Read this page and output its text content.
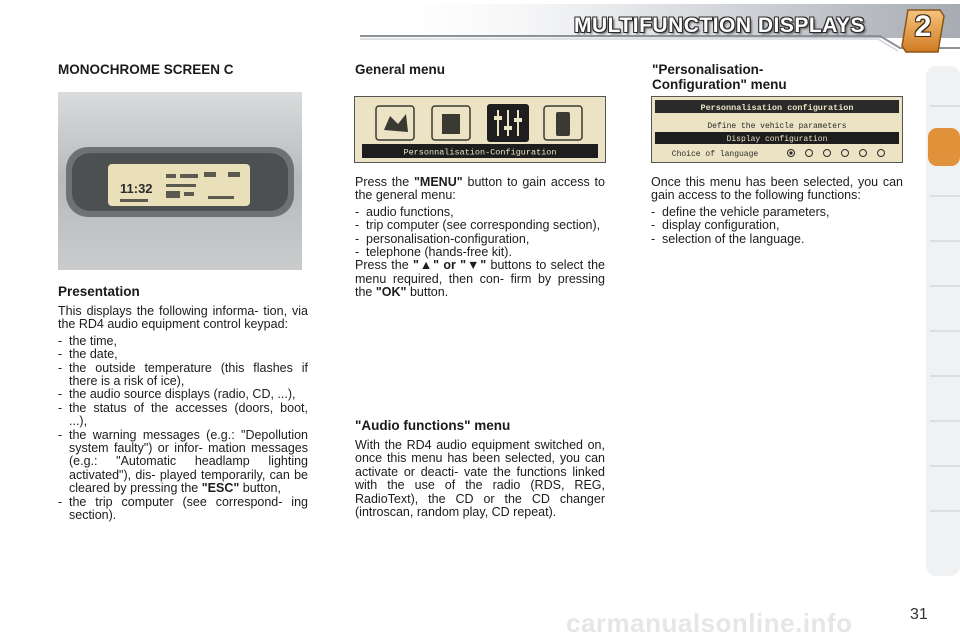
MULTIFUNCTION DISPLAYS	2
MONOCHROME SCREEN C
11:32
Presentation

This displays the following informa- tion, via the RD4 audio equipment control keypad:

- the time,
- the date,
- the outside temperature (this flashes if there is a risk of ice),
- the audio source displays (radio, CD, ...),
- the status of the accesses (doors, boot, ...),
- the warning messages (e.g.: "Depollution system faulty") or infor- mation messages (e.g.: "Automatic headlamp lighting activated"), dis- played temporarily, can be cleared by pressing the "ESC" button,
- the trip computer (see correspond- ing section).
General menu
Personnalisation-Configuration

Press the "MENU" button to gain access to the general menu:

- audio functions,
- trip computer (see corresponding section),
- personalisation-configuration,
- telephone (hands-free kit).

Press the "▲" or "▼" buttons to select the menu required, then con- firm by pressing the "OK" button.

"Audio functions" menu
With the RD4 audio equipment switched on, once this menu has been selected, you can activate or deacti- vate the functions linked with the use of the radio (RDS, REG, RadioText), the CD or the CD changer (introscan, random play, CD repeat).
"Personalisation-
Configuration" menu
Personnalisation configuration
Define the vehicle parameters
Display configuration
Choice of language

Once this menu has been selected, you can gain access to the following functions:

- define the vehicle parameters,
- display configuration,
- selection of the language.
carmanualsonline.info	31
